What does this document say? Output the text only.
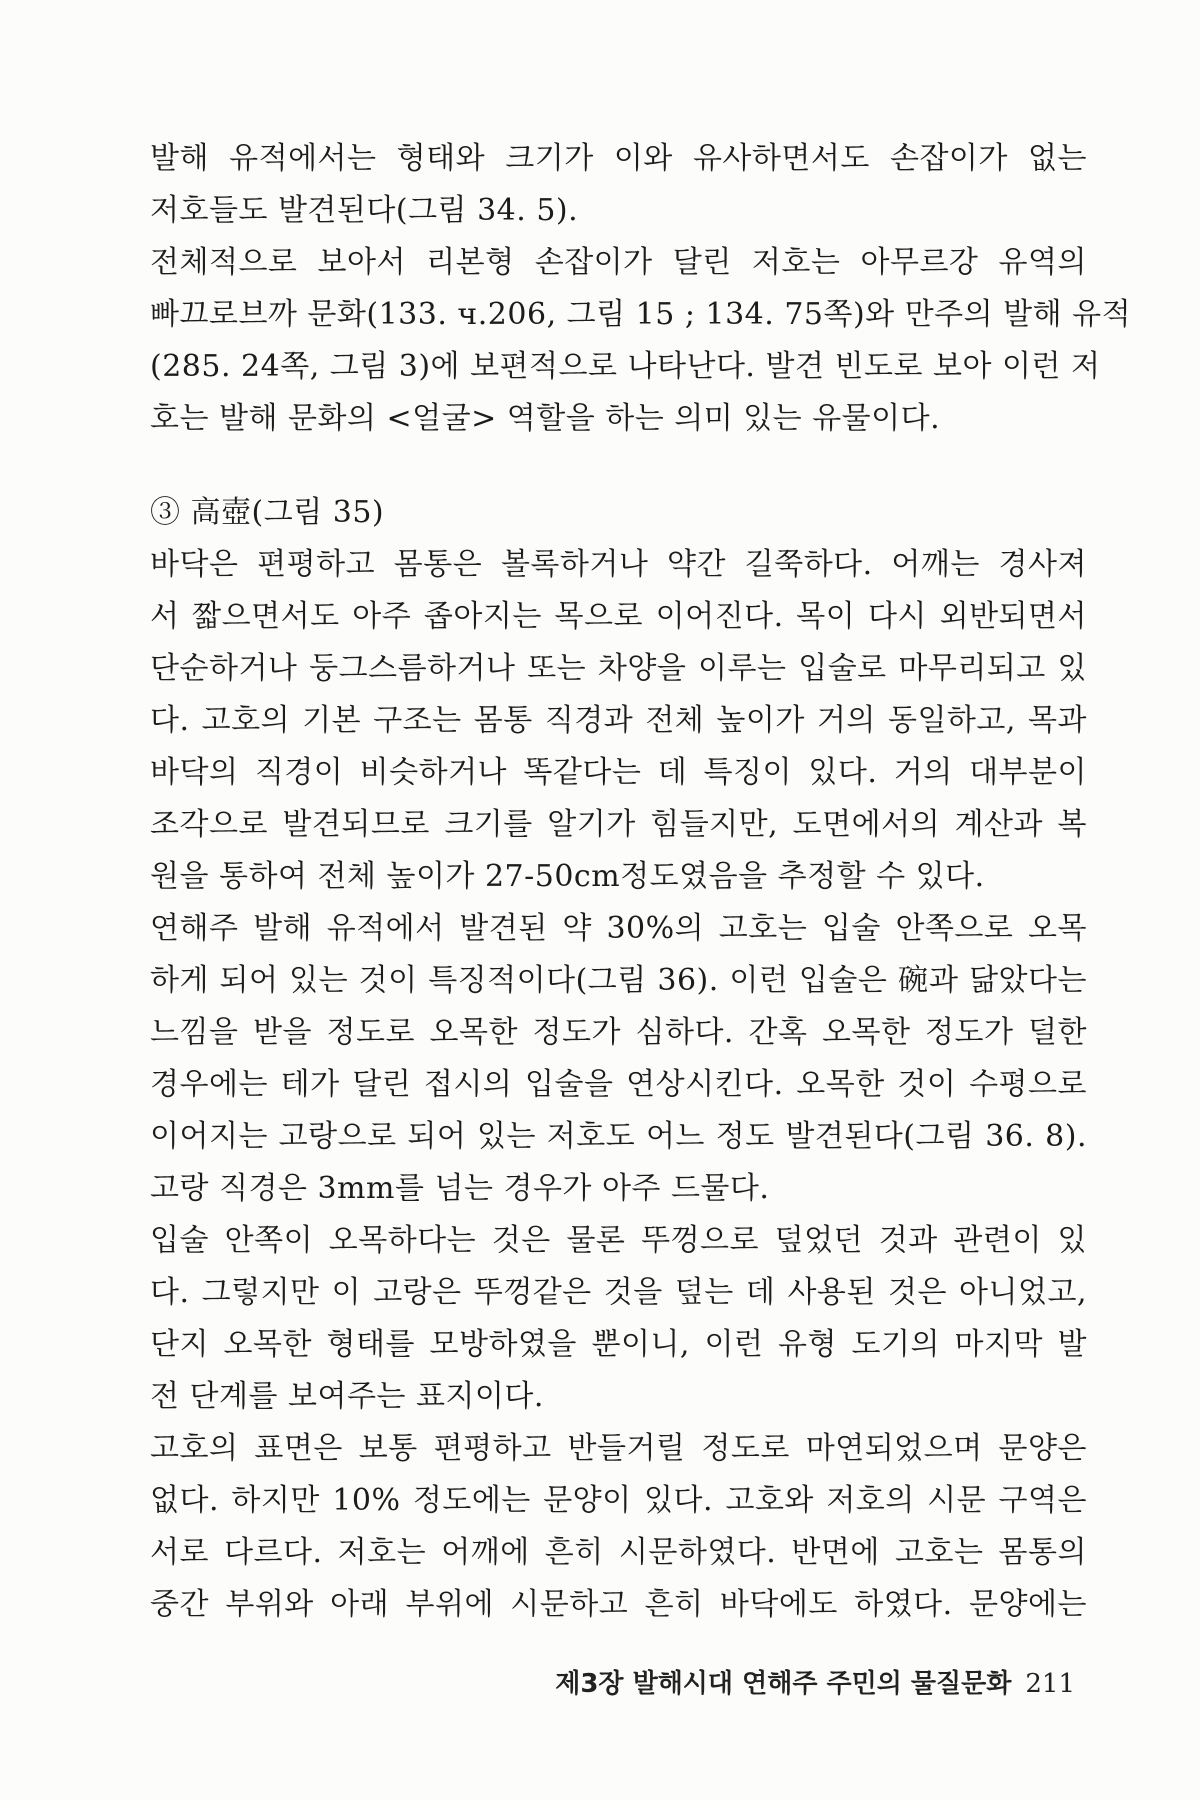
발해 유적에서는 형태와 크기가 이와 유사하면서도 손잡이가 없는
저호들도 발견된다(그림 34. 5).
전체적으로 보아서 리본형 손잡이가 달린 저호는 아무르강 유역의
빠끄로브까 문화(133. ч.206, 그림 15 ; 134. 75쪽)와 만주의 발해 유적
(285. 24쪽, 그림 3)에 보편적으로 나타난다. 발견 빈도로 보아 이런 저
호는 발해 문화의 <얼굴> 역할을 하는 의미 있는 유물이다.
③ 高壺(그림 35)
바닥은 편평하고 몸통은 볼록하거나 약간 길쭉하다. 어깨는 경사져
서 짧으면서도 아주 좁아지는 목으로 이어진다. 목이 다시 외반되면서
단순하거나 둥그스름하거나 또는 차양을 이루는 입술로 마무리되고 있
다. 고호의 기본 구조는 몸통 직경과 전체 높이가 거의 동일하고, 목과
바닥의 직경이 비슷하거나 똑같다는 데 특징이 있다. 거의 대부분이
조각으로 발견되므로 크기를 알기가 힘들지만, 도면에서의 계산과 복
원을 통하여 전체 높이가 27-50cm정도였음을 추정할 수 있다.
연해주 발해 유적에서 발견된 약 30%의 고호는 입술 안쪽으로 오목
하게 되어 있는 것이 특징적이다(그림 36). 이런 입술은 碗과 닮았다는
느낌을 받을 정도로 오목한 정도가 심하다. 간혹 오목한 정도가 덜한
경우에는 테가 달린 접시의 입술을 연상시킨다. 오목한 것이 수평으로
이어지는 고랑으로 되어 있는 저호도 어느 정도 발견된다(그림 36. 8).
고랑 직경은 3mm를 넘는 경우가 아주 드물다.
입술 안쪽이 오목하다는 것은 물론 뚜껑으로 덮었던 것과 관련이 있
다. 그렇지만 이 고랑은 뚜껑같은 것을 덮는 데 사용된 것은 아니었고,
단지 오목한 형태를 모방하였을 뿐이니, 이런 유형 도기의 마지막 발
전 단계를 보여주는 표지이다.
고호의 표면은 보통 편평하고 반들거릴 정도로 마연되었으며 문양은
없다. 하지만 10% 정도에는 문양이 있다. 고호와 저호의 시문 구역은
서로 다르다. 저호는 어깨에 흔히 시문하였다. 반면에 고호는 몸통의
중간 부위와 아래 부위에 시문하고 흔히 바닥에도 하였다. 문양에는
제3장 발해시대 연해주 주민의 물질문화 211
